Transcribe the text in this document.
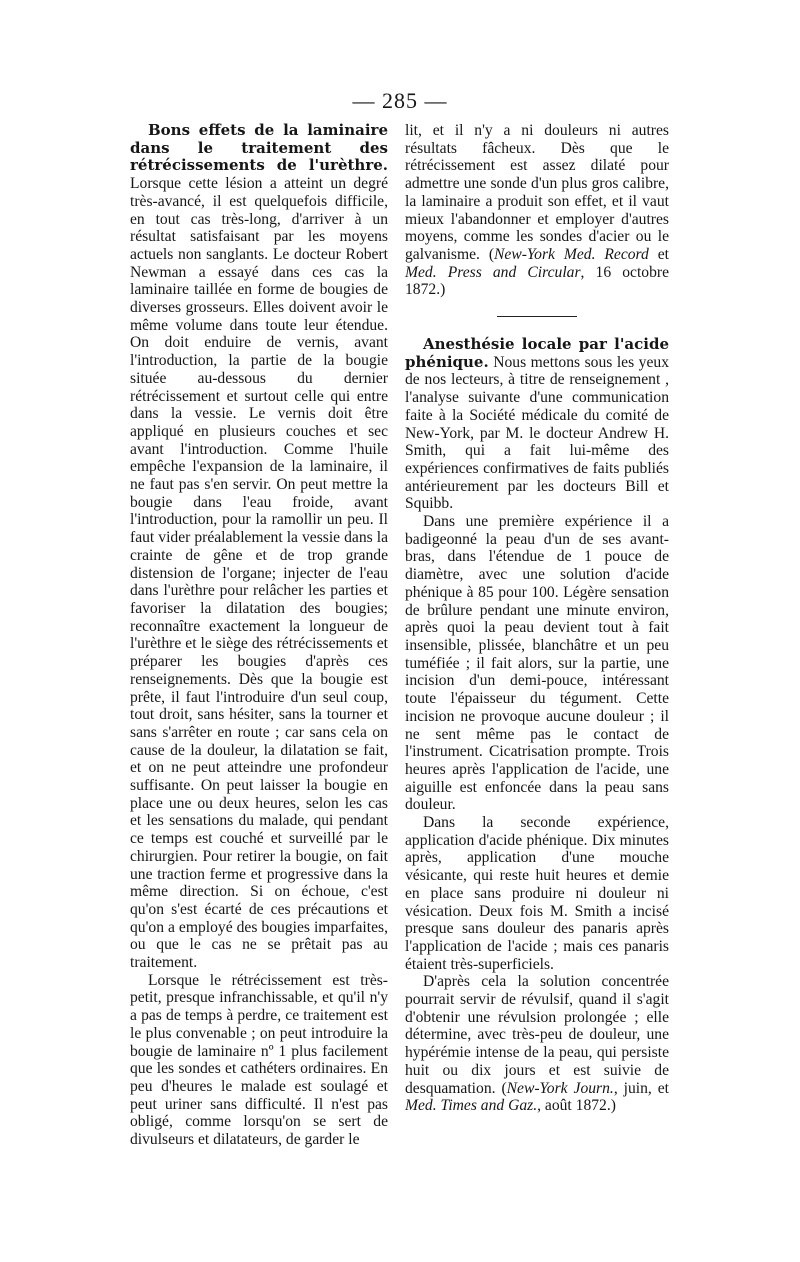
— 285 —

Bons effets de la laminaire dans le traitement des rétrécissements de l'urèthre. Lorsque cette lésion a atteint un degré très-avancé, il est quelquefois difficile, en tout cas très-long, d'arriver à un résultat satisfaisant par les moyens actuels non sanglants. Le docteur Robert Newman a essayé dans ces cas la laminaire taillée en forme de bougies de diverses grosseurs. Elles doivent avoir le même volume dans toute leur étendue. On doit enduire de vernis, avant l'introduction, la partie de la bougie située au-dessous du dernier rétrécissement et surtout celle qui entre dans la vessie. Le vernis doit être appliqué en plusieurs couches et sec avant l'introduction. Comme l'huile empêche l'expansion de la laminaire, il ne faut pas s'en servir. On peut mettre la bougie dans l'eau froide, avant l'introduction, pour la ramollir un peu. Il faut vider préalablement la vessie dans la crainte de gêne et de trop grande distension de l'organe; injecter de l'eau dans l'urèthre pour relâcher les parties et favoriser la dilatation des bougies; reconnaître exactement la longueur de l'urèthre et le siège des rétrécissements et préparer les bougies d'après ces renseignements. Dès que la bougie est prête, il faut l'introduire d'un seul coup, tout droit, sans hésiter, sans la tourner et sans s'arrêter en route ; car sans cela on cause de la douleur, la dilatation se fait, et on ne peut atteindre une profondeur suffisante. On peut laisser la bougie en place une ou deux heures, selon les cas et les sensations du malade, qui pendant ce temps est couché et surveillé par le chirurgien. Pour retirer la bougie, on fait une traction ferme et progressive dans la même direction. Si on échoue, c'est qu'on s'est écarté de ces précautions et qu'on a employé des bougies imparfaites, ou que le cas ne se prêtait pas au traitement.

Lorsque le rétrécissement est très-petit, presque infranchissable, et qu'il n'y a pas de temps à perdre, ce traitement est le plus convenable ; on peut introduire la bougie de laminaire nº 1 plus facilement que les sondes et cathéters ordinaires. En peu d'heures le malade est soulagé et peut uriner sans difficulté. Il n'est pas obligé, comme lorsqu'on se sert de divulseurs et dilatateurs, de garder le

lit, et il n'y a ni douleurs ni autres résultats fâcheux. Dès que le rétrécissement est assez dilaté pour admettre une sonde d'un plus gros calibre, la laminaire a produit son effet, et il vaut mieux l'abandonner et employer d'autres moyens, comme les sondes d'acier ou le galvanisme. (New-York Med. Record et Med. Press and Circular, 16 octobre 1872.)

Anesthésie locale par l'acide phénique. Nous mettons sous les yeux de nos lecteurs, à titre de renseignement , l'analyse suivante d'une communication faite à la Société médicale du comité de New-York, par M. le docteur Andrew H. Smith, qui a fait lui-même des expériences confirmatives de faits publiés antérieurement par les docteurs Bill et Squibb.

Dans une première expérience il a badigeonné la peau d'un de ses avant-bras, dans l'étendue de 1 pouce de diamètre, avec une solution d'acide phénique à 85 pour 100. Légère sensation de brûlure pendant une minute environ, après quoi la peau devient tout à fait insensible, plissée, blanchâtre et un peu tuméfiée ; il fait alors, sur la partie, une incision d'un demi-pouce, intéressant toute l'épaisseur du tégument. Cette incision ne provoque aucune douleur ; il ne sent même pas le contact de l'instrument. Cicatrisation prompte. Trois heures après l'application de l'acide, une aiguille est enfoncée dans la peau sans douleur.

Dans la seconde expérience, application d'acide phénique. Dix minutes après, application d'une mouche vésicante, qui reste huit heures et demie en place sans produire ni douleur ni vésication. Deux fois M. Smith a incisé presque sans douleur des panaris après l'application de l'acide ; mais ces panaris étaient très-superficiels.

D'après cela la solution concentrée pourrait servir de révulsif, quand il s'agit d'obtenir une révulsion prolongée ; elle détermine, avec très-peu de douleur, une hypérémie intense de la peau, qui persiste huit ou dix jours et est suivie de desquamation. (New-York Journ., juin, et Med. Times and Gaz., août 1872.)
